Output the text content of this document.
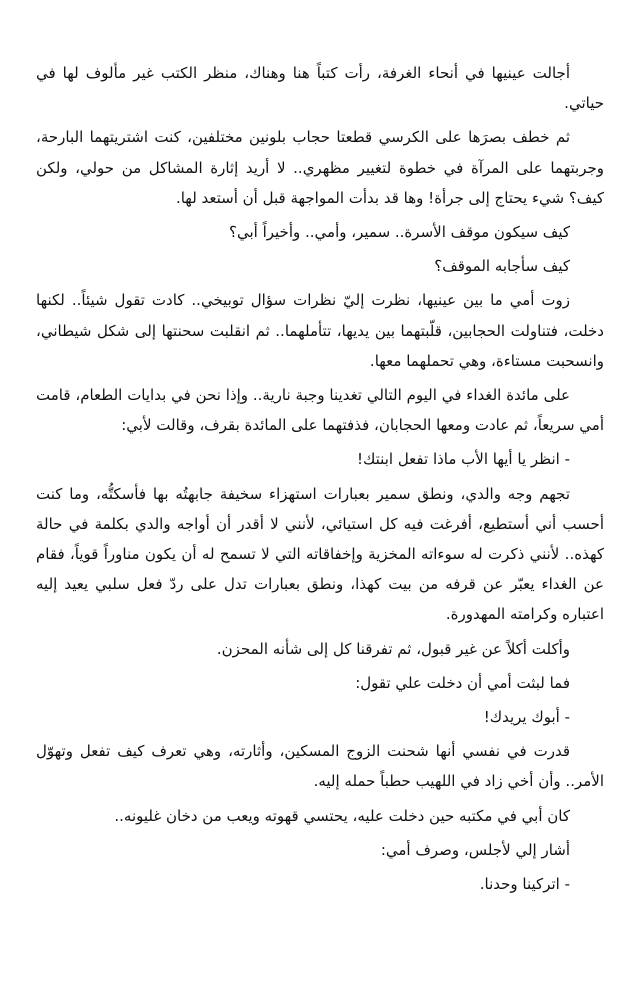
أجالت عينيها في أنحاء الغرفة، رأت كتباً هنا وهناك، منظر الكتب غير مألوف لها في حياتي.

ثم خطف بصرَها على الكرسي قطعتا حجاب بلونين مختلفين، كنت اشتريتهما البارحة، وجربتهما على المرآة في خطوة لتغيير مظهري.. لا أريد إثارة المشاكل من حولي، ولكن كيف؟ شيء يحتاج إلى جرأة! وها قد بدأت المواجهة قبل أن أستعد لها.

كيف سيكون موقف الأسرة.. سمير، وأمي.. وأخيراً أبي؟

كيف سأجابه الموقف؟

زوت أمي ما بين عينيها، نظرت إليّ نظرات سؤال توبيخي.. كادت تقول شيئاً.. لكنها دخلت، فتناولت الحجابين، قلّبتهما بين يديها، تتأملهما.. ثم انقلبت سحنتها إلى شكل شيطاني، وانسحبت مستاءة، وهي تحملهما معها.

على مائدة الغداء في اليوم التالي تغدينا وجبة نارية.. وإذا نحن في بدايات الطعام، قامت أمي سريعاً، ثم عادت ومعها الحجابان، فذفتهما على المائدة بقرف، وقالت لأبي:

- انظر يا أيها الأب ماذا تفعل ابنتك!

تجهم وجه والدي، ونطق سمير بعبارات استهزاء سخيفة جابهتُه بها فأسكتُّه، وما كنت أحسب أني أستطيع، أفرغت فيه كل استيائي، لأنني لا أقدر أن أواجه والدي بكلمة في حالة كهذه.. لأنني ذكرت له سوءاته المخزية وإخفاقاته التي لا تسمح له أن يكون مناوراً قوياً، فقام عن الغداء يعبّر عن قرفه من بيت كهذا، ونطق بعبارات تدل على ردّ فعل سلبي يعيد إليه اعتباره وكرامته المهدورة.

وأكلت أكلاً عن غير قبول، ثم تفرقنا كل إلى شأنه المحزن.

فما لبثت أمي أن دخلت علي تقول:

- أبوك يريدك!

قدرت في نفسي أنها شحنت الزوج المسكين، وأثارته، وهي تعرف كيف تفعل وتهوّل الأمر.. وأن أخي زاد في اللهيب حطباً حمله إليه.

كان أبي في مكتبه حين دخلت عليه، يحتسي قهوته ويعب من دخان غليونه..

أشار إلي لأجلس، وصرف أمي:

- اتركينا وحدنا.
